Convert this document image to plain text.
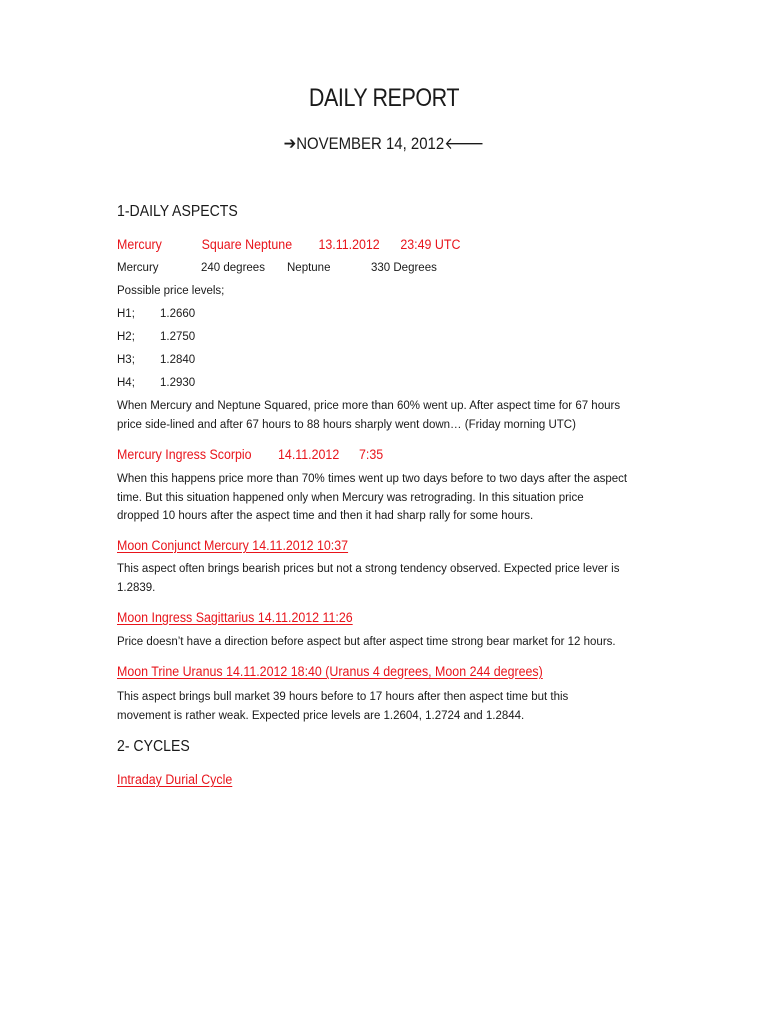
DAILY REPORT
➔NOVEMBER 14, 2012🡐
1-DAILY ASPECTS
Mercury	Square Neptune 13.11.2012 23:49 UTC
Mercury	240 degrees Neptune	330 Degrees
Possible price levels;
H1; 1.2660
H2; 1.2750
H3; 1.2840
H4; 1.2930
When Mercury and Neptune Squared, price more than 60% went up. After aspect time for 67 hours
price side-lined and after 67 hours to 88 hours sharply went down… (Friday morning UTC)
Mercury Ingress Scorpio 14.11.2012 7:35
When this happens price more than 70% times went up two days before to two days after the aspect
time. But this situation happened only when Mercury was retrograding. In this situation price
dropped 10 hours after the aspect time and then it had sharp rally for some hours.
Moon Conjunct Mercury 14.11.2012 10:37
This aspect often brings bearish prices but not a strong tendency observed. Expected price lever is
1.2839.
Moon Ingress Sagittarius 14.11.2012 11:26
Price doesn’t have a direction before aspect but after aspect time strong bear market for 12 hours.
Moon Trine Uranus 14.11.2012 18:40 (Uranus 4 degrees, Moon 244 degrees)
This aspect brings bull market 39 hours before to 17 hours after then aspect time but this
movement is rather weak. Expected price levels are 1.2604, 1.2724 and 1.2844.
2- CYCLES
Intraday Durial Cycle
